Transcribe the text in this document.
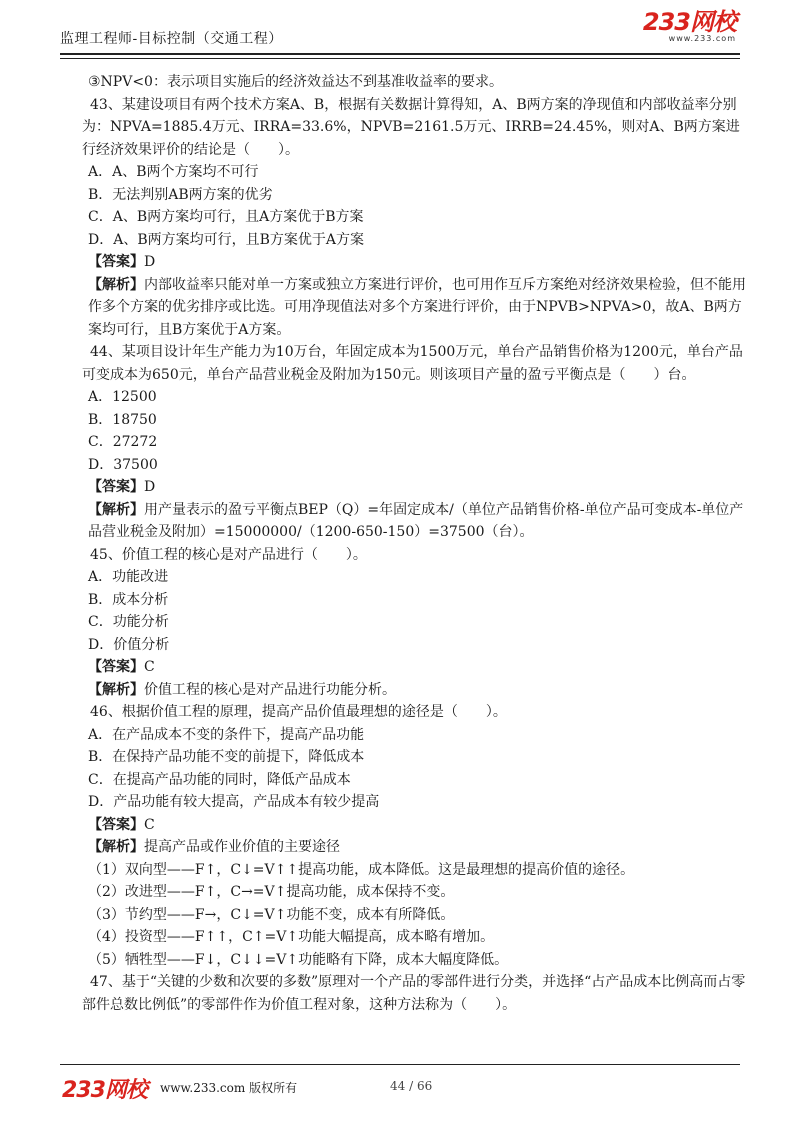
监理工程师-目标控制（交通工程）
233网校
www.233.com

③NPV<0：表示项目实施后的经济效益达不到基准收益率的要求。

43、某建设项目有两个技术方案A、B，根据有关数据计算得知，A、B两方案的净现值和内部收益率分别为：NPVA=1885.4万元、IRRA=33.6%，NPVB=2161.5万元、IRRB=24.45%，则对A、B两方案进行经济效果评价的结论是（　　）。

A．A、B两个方案均不可行

B．无法判别AB两方案的优劣

C．A、B两方案均可行，且A方案优于B方案

D．A、B两方案均可行，且B方案优于A方案

【答案】D

【解析】内部收益率只能对单一方案或独立方案进行评价，也可用作互斥方案绝对经济效果检验，但不能用作多个方案的优劣排序或比选。可用净现值法对多个方案进行评价，由于NPVB>NPVA>0，故A、B两方案均可行，且B方案优于A方案。

44、某项目设计年生产能力为10万台，年固定成本为1500万元，单台产品销售价格为1200元，单台产品可变成本为650元，单台产品营业税金及附加为150元。则该项目产量的盈亏平衡点是（　　）台。

A．12500

B．18750

C．27272

D．37500

【答案】D

【解析】用产量表示的盈亏平衡点BEP（Q）=年固定成本/（单位产品销售价格-单位产品可变成本-单位产品营业税金及附加）=15000000/（1200-650-150）=37500（台）。

45、价值工程的核心是对产品进行（　　）。

A．功能改进

B．成本分析

C．功能分析

D．价值分析

【答案】C

【解析】价值工程的核心是对产品进行功能分析。

46、根据价值工程的原理，提高产品价值最理想的途径是（　　）。

A．在产品成本不变的条件下，提高产品功能

B．在保持产品功能不变的前提下，降低成本

C．在提高产品功能的同时，降低产品成本

D．产品功能有较大提高，产品成本有较少提高

【答案】C

【解析】提高产品或作业价值的主要途径

（1）双向型——F↑，C↓=V↑↑提高功能，成本降低。这是最理想的提高价值的途径。

（2）改进型——F↑，C→=V↑提高功能，成本保持不变。

（3）节约型——F→，C↓=V↑功能不变，成本有所降低。

（4）投资型——F↑↑，C↑=V↑功能大幅提高，成本略有增加。

（5）牺牲型——F↓，C↓↓=V↑功能略有下降，成本大幅度降低。

47、基于“关键的少数和次要的多数”原理对一个产品的零部件进行分类，并选择“占产品成本比例高而占零部件总数比例低”的零部件作为价值工程对象，这种方法称为（　　）。

233网校 www.233.com 版权所有	44 / 66
